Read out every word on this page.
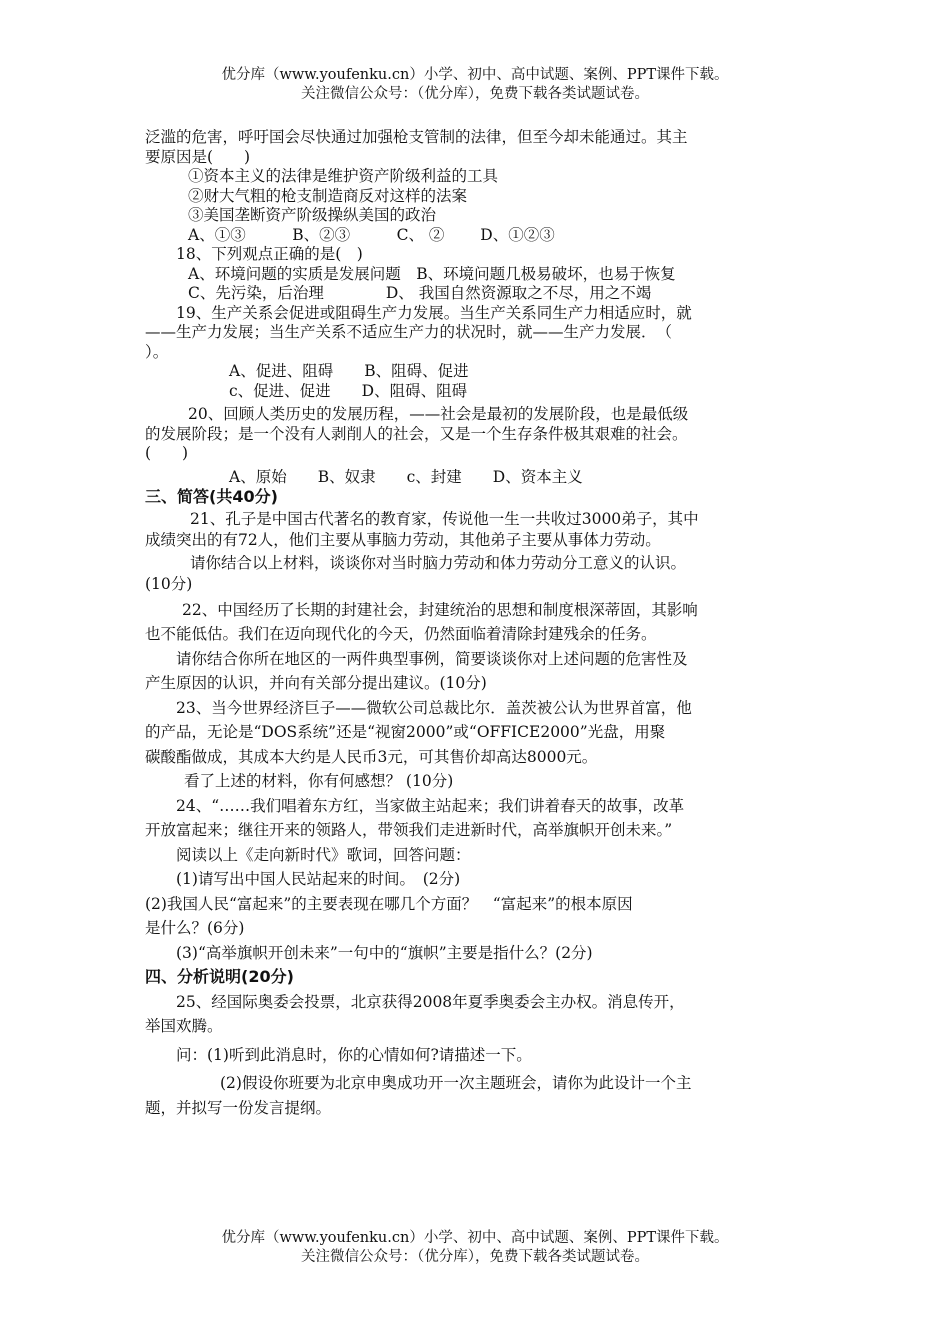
优分库（www.youfenku.cn）小学、初中、高中试题、案例、PPT课件下载。
关注微信公众号：（优分库），免费下载各类试题试卷。
泛滥的危害，呼吁国会尽快通过加强枪支管制的法律，但至今却未能通过。其主
要原因是(　　)
①资本主义的法律是维护资产阶级利益的工具
②财大气粗的枪支制造商反对这样的法案
③美国垄断资产阶级操纵美国的政治
A、①③　　　B、②③　　　C、 ②　　 D、①②③
18、下列观点正确的是(　)
A、环境问题的实质是发展问题　B、环境问题几极易破坏，也易于恢复
C、先污染，后治理　　　　D、 我国自然资源取之不尽，用之不竭
19、生产关系会促进或阻碍生产力发展。当生产关系同生产力相适应时，就
——生产力发展；当生产关系不适应生产力的状况时，就——生产力发展．　（
）。
A、促进、阻碍　　B、阻碍、促进
c、促进、促进　　D、阻碍、阻碍
20、回顾人类历史的发展历程，——社会是最初的发展阶段，也是最低级
的发展阶段；是一个没有人剥削人的社会，又是一个生存条件极其艰难的社会。
(　　)
A、原始　　B、奴隶　　c、封建　　D、资本主义
三、简答(共40分)
21、孔子是中国古代著名的教育家，传说他一生一共收过3000弟子，其中
成绩突出的有72人，他们主要从事脑力劳动，其他弟子主要从事体力劳动。
请你结合以上材料，谈谈你对当时脑力劳动和体力劳动分工意义的认识。
(10分)
22、中国经历了长期的封建社会，封建统治的思想和制度根深蒂固，其影响
也不能低估。我们在迈向现代化的今天，仍然面临着清除封建残余的任务。
请你结合你所在地区的一两件典型事例，简要谈谈你对上述问题的危害性及
产生原因的认识，并向有关部分提出建议。(10分)
23、当今世界经济巨子——微软公司总裁比尔．盖茨被公认为世界首富，他
的产品，无论是“DOS系统”还是“视窗2000”或“OFFICE2000”光盘，用聚
碳酸酯做成，其成本大约是人民币3元，可其售价却高达8000元。
看了上述的材料，你有何感想？ (10分)
24、“……我们唱着东方红，当家做主站起来；我们讲着春天的故事，改革
开放富起来；继往开来的领路人，带领我们走进新时代，高举旗帜开创未来。”
阅读以上《走向新时代》歌词，回答问题：
(1)请写出中国人民站起来的时间。　(2分)
(2)我国人民“富起来”的主要表现在哪几个方面？　“富起来”的根本原因
是什么？(6分)
(3)“高举旗帜开创未来”一句中的“旗帜”主要是指什么？(2分)
四、分析说明(20分)
25、经国际奥委会投票，北京获得2008年夏季奥委会主办权。消息传开，
举国欢腾。
问：(1)听到此消息时，你的心情如何?请描述一下。
(2)假设你班要为北京申奥成功开一次主题班会，请你为此设计一个主
题，并拟写一份发言提纲。
优分库（www.youfenku.cn）小学、初中、高中试题、案例、PPT课件下载。
关注微信公众号：（优分库），免费下载各类试题试卷。
